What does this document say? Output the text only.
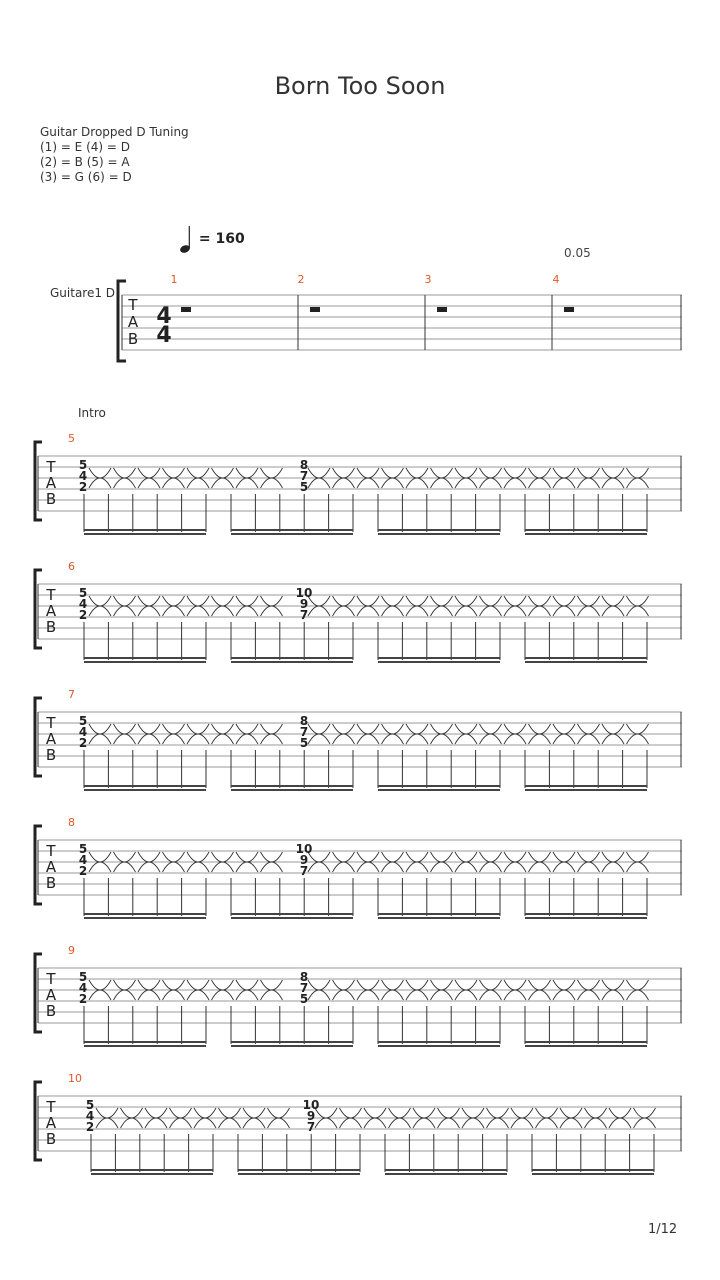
Born Too Soon
Guitar Dropped D Tuning
(1) = E (4) = D
(2) = B (5) = A
(3) = G (6) = D
= 160
0.05
Guitare1 D
Intro
T
A
B
4
4
1	2	3	4
T
A
B
5
5
4
2
8
7
5
T
A
B
6
5
4
2
10
9
7
T
A
B
7
5
4
2
8
7
5
T
A
B
8
5
4
2
10
9
7
T
A
B
9
5
4
2
8
7
5
T
A
B
10
5
4
2
10
9
7
1/12
